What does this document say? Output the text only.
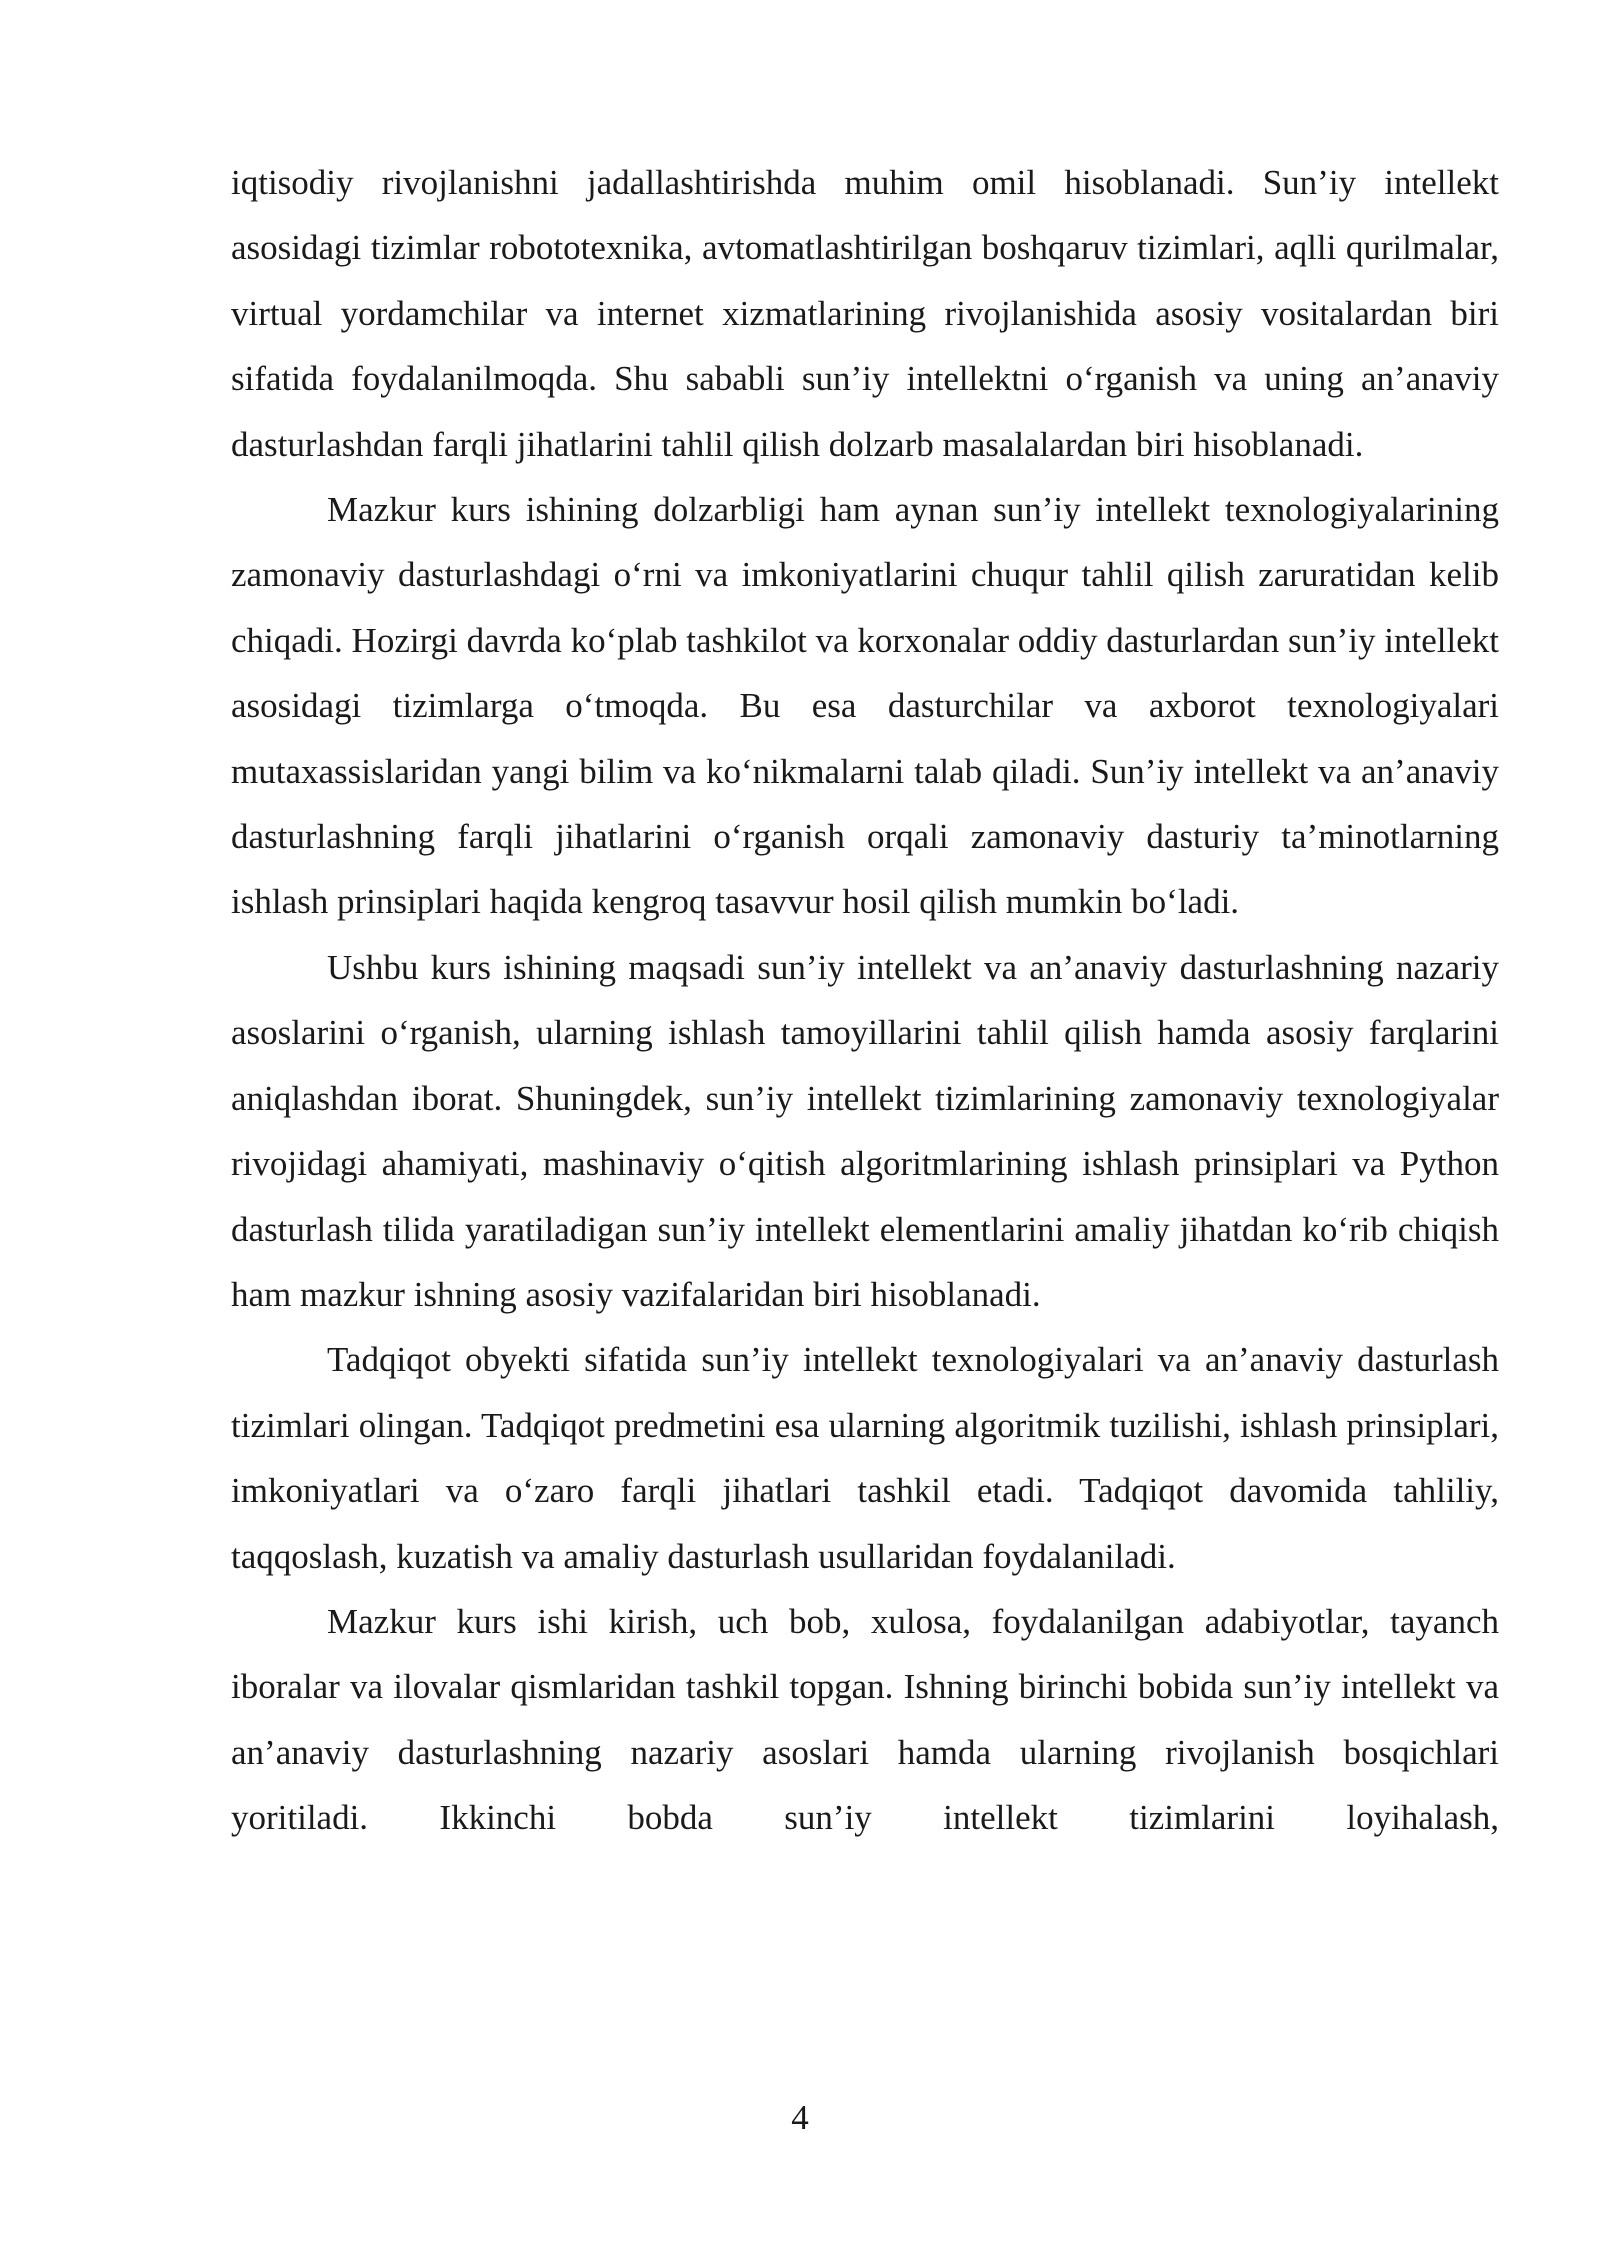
iqtisodiy rivojlanishni jadallashtirishda muhim omil hisoblanadi. Sun’iy intellekt asosidagi tizimlar robototexnika, avtomatlashtirilgan boshqaruv tizimlari, aqlli qurilmalar, virtual yordamchilar va internet xizmatlarining rivojlanishida asosiy vositalardan biri sifatida foydalanilmoqda. Shu sababli sun’iy intellektni o‘rganish va uning an’anaviy dasturlashdan farqli jihatlarini tahlil qilish dolzarb masalalardan biri hisoblanadi.

Mazkur kurs ishining dolzarbligi ham aynan sun’iy intellekt texnologiyalarining zamonaviy dasturlashdagi o‘rni va imkoniyatlarini chuqur tahlil qilish zaruratidan kelib chiqadi. Hozirgi davrda ko‘plab tashkilot va korxonalar oddiy dasturlardan sun’iy intellekt asosidagi tizimlarga o‘tmoqda. Bu esa dasturchilar va axborot texnologiyalari mutaxassislaridan yangi bilim va ko‘nikmalarni talab qiladi. Sun’iy intellekt va an’anaviy dasturlashning farqli jihatlarini o‘rganish orqali zamonaviy dasturiy ta’minotlarning ishlash prinsiplari haqida kengroq tasavvur hosil qilish mumkin bo‘ladi.

Ushbu kurs ishining maqsadi sun’iy intellekt va an’anaviy dasturlashning nazariy asoslarini o‘rganish, ularning ishlash tamoyillarini tahlil qilish hamda asosiy farqlarini aniqlashdan iborat. Shuningdek, sun’iy intellekt tizimlarining zamonaviy texnologiyalar rivojidagi ahamiyati, mashinaviy o‘qitish algoritmlarining ishlash prinsiplari va Python dasturlash tilida yaratiladigan sun’iy intellekt elementlarini amaliy jihatdan ko‘rib chiqish ham mazkur ishning asosiy vazifalaridan biri hisoblanadi.

Tadqiqot obyekti sifatida sun’iy intellekt texnologiyalari va an’anaviy dasturlash tizimlari olingan. Tadqiqot predmetini esa ularning algoritmik tuzilishi, ishlash prinsiplari, imkoniyatlari va o‘zaro farqli jihatlari tashkil etadi. Tadqiqot davomida tahliliy, taqqoslash, kuzatish va amaliy dasturlash usullaridan foydalaniladi.

Mazkur kurs ishi kirish, uch bob, xulosa, foydalanilgan adabiyotlar, tayanch iboralar va ilovalar qismlaridan tashkil topgan. Ishning birinchi bobida sun’iy intellekt va an’anaviy dasturlashning nazariy asoslari hamda ularning rivojlanish bosqichlari yoritiladi. Ikkinchi bobda sun’iy intellekt tizimlarini loyihalash,

4
